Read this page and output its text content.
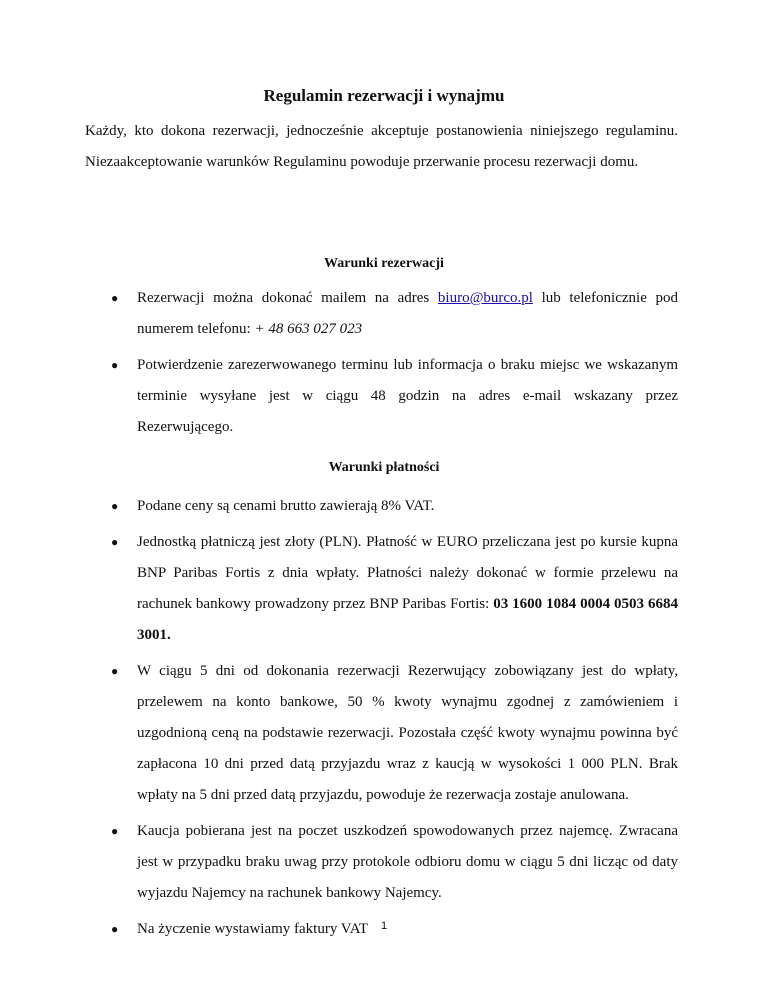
Regulamin rezerwacji i wynajmu

Każdy, kto dokona rezerwacji, jednocześnie akceptuje postanowienia niniejszego regulaminu. Niezaakceptowanie warunków Regulaminu powoduje przerwanie procesu rezerwacji domu.

Warunki rezerwacji
● Rezerwacji można dokonać mailem na adres biuro@burco.pl lub telefonicznie pod numerem telefonu: + 48 663 027 023
● Potwierdzenie zarezerwowanego terminu lub informacja o braku miejsc we wskazanym terminie wysyłane jest w ciągu 48 godzin na adres e-mail wskazany przez Rezerwującego.
Warunki płatności
● Podane ceny są cenami brutto zawierają 8% VAT.
● Jednostką płatniczą jest złoty (PLN). Płatność w EURO przeliczana jest po kursie kupna BNP Paribas Fortis z dnia wpłaty. Płatności należy dokonać w formie przelewu na rachunek bankowy prowadzony przez BNP Paribas Fortis: 03 1600 1084 0004 0503 6684 3001.
● W ciągu 5 dni od dokonania rezerwacji Rezerwujący zobowiązany jest do wpłaty, przelewem na konto bankowe, 50 % kwoty wynajmu zgodnej z zamówieniem i uzgodnioną ceną na podstawie rezerwacji. Pozostała część kwoty wynajmu powinna być zapłacona 10 dni przed datą przyjazdu wraz z kaucją w wysokości 1 000 PLN. Brak wpłaty na 5 dni przed datą przyjazdu, powoduje że rezerwacja zostaje anulowana.
● Kaucja pobierana jest na poczet uszkodzeń spowodowanych przez najemcę. Zwracana jest w przypadku braku uwag przy protokole odbioru domu w ciągu 5 dni licząc od daty wyjazdu Najemcy na rachunek bankowy Najemcy.
● Na życzenie wystawiamy faktury VAT	1
